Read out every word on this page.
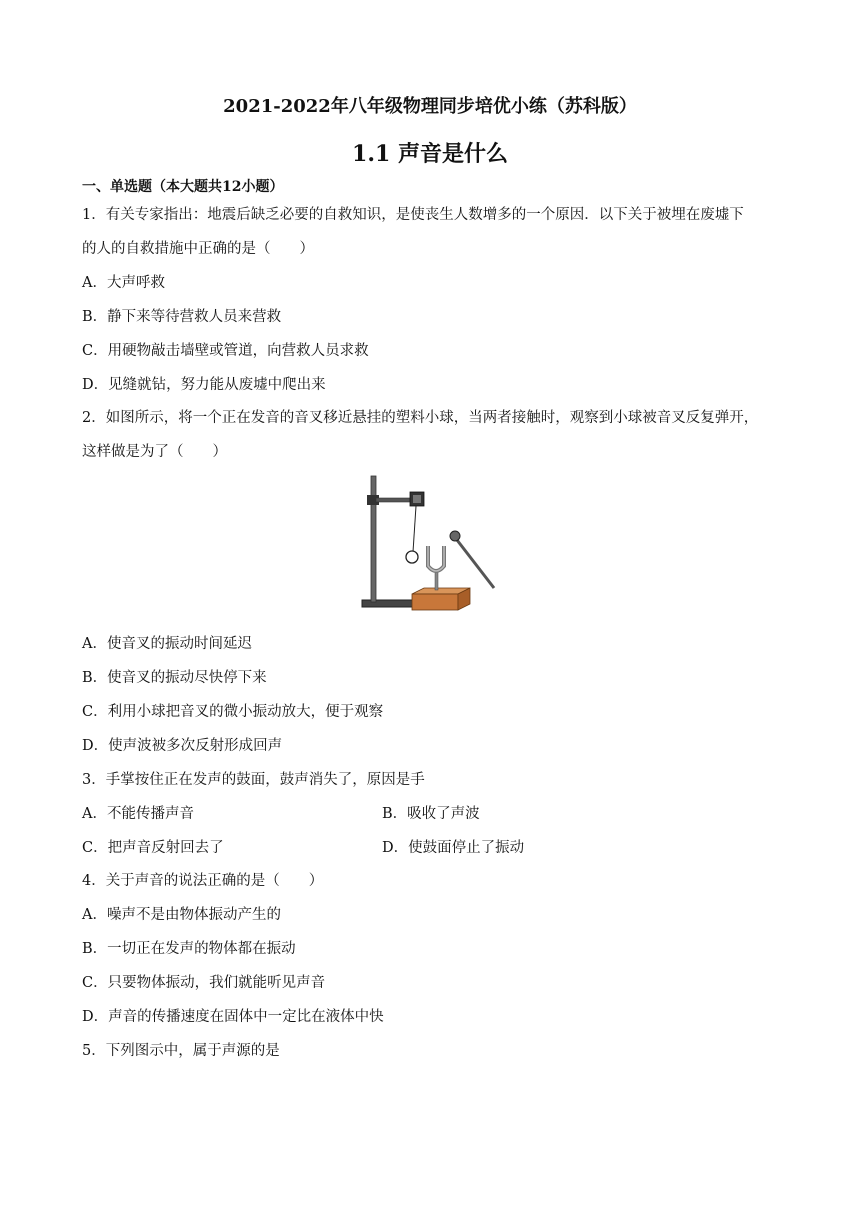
2021-2022年八年级物理同步培优小练（苏科版）
1.1 声音是什么
一、单选题（本大题共12小题）
1．有关专家指出：地震后缺乏必要的自救知识，是使丧生人数增多的一个原因．以下关于被埋在废墟下
的人的自救措施中正确的是（　　）
A．大声呼救
B．静下来等待营救人员来营救
C．用硬物敲击墙壁或管道，向营救人员求救
D．见缝就钻，努力能从废墟中爬出来
2．如图所示，将一个正在发音的音叉移近悬挂的塑料小球，当两者接触时，观察到小球被音叉反复弹开，
这样做是为了（　　）
A．使音叉的振动时间延迟
B．使音叉的振动尽快停下来
C．利用小球把音叉的微小振动放大，便于观察
D．使声波被多次反射形成回声
3．手掌按住正在发声的鼓面，鼓声消失了，原因是手
A．不能传播声音	B．吸收了声波
C．把声音反射回去了	D．使鼓面停止了振动
4．关于声音的说法正确的是（　　）
A．噪声不是由物体振动产生的
B．一切正在发声的物体都在振动
C．只要物体振动，我们就能听见声音
D．声音的传播速度在固体中一定比在液体中快
5．下列图示中，属于声源的是
